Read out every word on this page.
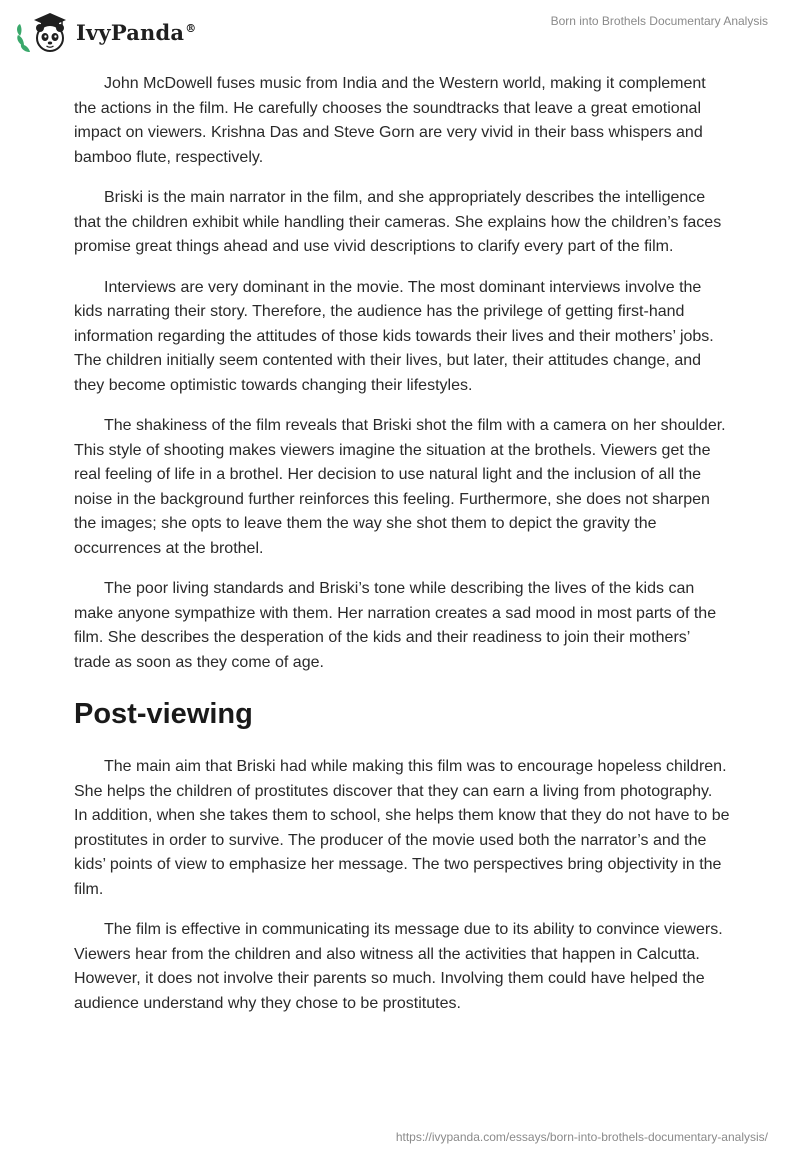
IvyPanda®	Born into Brothels Documentary Analysis

John McDowell fuses music from India and the Western world, making it complement the actions in the film. He carefully chooses the soundtracks that leave a great emotional impact on viewers. Krishna Das and Steve Gorn are very vivid in their bass whispers and bamboo flute, respectively.

Briski is the main narrator in the film, and she appropriately describes the intelligence that the children exhibit while handling their cameras. She explains how the children’s faces promise great things ahead and use vivid descriptions to clarify every part of the film.

Interviews are very dominant in the movie. The most dominant interviews involve the kids narrating their story. Therefore, the audience has the privilege of getting first-hand information regarding the attitudes of those kids towards their lives and their mothers’ jobs. The children initially seem contented with their lives, but later, their attitudes change, and they become optimistic towards changing their lifestyles.

The shakiness of the film reveals that Briski shot the film with a camera on her shoulder. This style of shooting makes viewers imagine the situation at the brothels. Viewers get the real feeling of life in a brothel. Her decision to use natural light and the inclusion of all the noise in the background further reinforces this feeling. Furthermore, she does not sharpen the images; she opts to leave them the way she shot them to depict the gravity the occurrences at the brothel.

The poor living standards and Briski’s tone while describing the lives of the kids can make anyone sympathize with them. Her narration creates a sad mood in most parts of the film. She describes the desperation of the kids and their readiness to join their mothers’ trade as soon as they come of age.

Post-viewing

The main aim that Briski had while making this film was to encourage hopeless children. She helps the children of prostitutes discover that they can earn a living from photography. In addition, when she takes them to school, she helps them know that they do not have to be prostitutes in order to survive. The producer of the movie used both the narrator’s and the kids’ points of view to emphasize her message. The two perspectives bring objectivity in the film.

The film is effective in communicating its message due to its ability to convince viewers. Viewers hear from the children and also witness all the activities that happen in Calcutta. However, it does not involve their parents so much. Involving them could have helped the audience understand why they chose to be prostitutes.

https://ivypanda.com/essays/born-into-brothels-documentary-analysis/
